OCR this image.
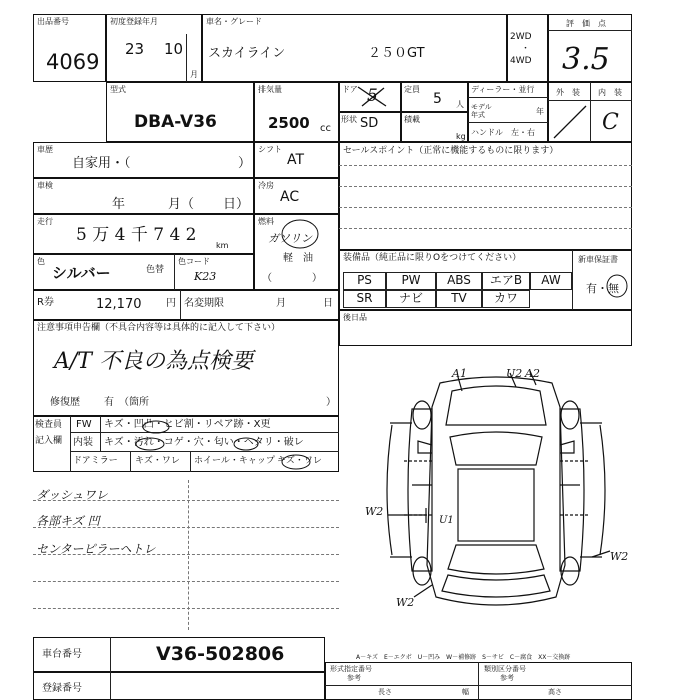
出品番号
4069
初度登録年月
23 10
月
車名・グレード
スカイライン	２５０GT
2WD
・
4WD
評　価　点
3.5
型式
DBA-V36
排気量
2500 cc
ドア 5	定員
5 人
形状 SD	積載
kg
ディーラー・並行
モデル年式	年
ハンドル　左・右
外　装 内　装
C
車歴
自家用・（	）
シフト
AT
車検
年	月（ 日）
冷房
AC
走行
5 万 4 千 7 4 2
km
燃料
ガソリン
軽　油
（　　　　）
色
シルバー	色替
色コード
K23
R券	12,170 円 名変期限	月	日
注意事項申告欄（不具合内容等は具体的に記入して下さい）
A/T 不良の為点検要
修復歴 有　（箇所	）
検査員
記入欄
FW キズ・凹凸・ヒビ割・リペア跡・X更
内装 キズ・汚れ・コゲ・穴・匂い・ヘタリ・破レ
ドアミラー キズ・ワレ ホイール・キャップ キズ・ワレ
ダッシュワレ
各部キズ 凹
センターピラーヘトレ
セールスポイント（正常に機能するものに限ります）
装備品（純正品に限りOをつけてください）	新車保証書
PS	PW	ABS	エアB	AW
SR	ナビ	TV	カワ
有・無
後日品
A1	U2 A2
W2
U1
W2
W2
車台番号	V36-502806
登録番号
A－キズ　E－エクボ　U－凹み　W－補修跡　S－サビ　C－腐食　XX－交換跡
形式指定番号
参考
類別区分番号
参考
長さ	幅	高さ
